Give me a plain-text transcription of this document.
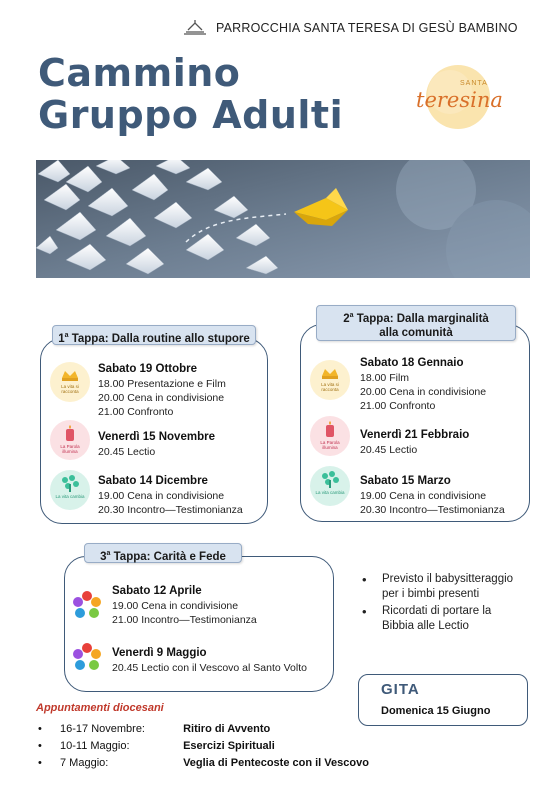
PARROCCHIA SANTA TERESA DI GESÙ BAMBINO
Cammino
Gruppo Adulti
SANTA
teresina
1$^a$ Tappa: Dalla routine allo stupore
La vita si racconta
Sabato 19 Ottobre
18.00 Presentazione e Film
20.00 Cena in condivisione
21.00 Confronto
La Parola illumina
Venerdì 15 Novembre
20.45 Lectio
La vita cambia
Sabato 14 Dicembre
19.00 Cena in condivisione
20.30 Incontro—Testimonianza
2$^a$ Tappa: Dalla marginalità
alla comunità
La vita si racconta
Sabato 18 Gennaio
18.00 Film
20.00 Cena in condivisione
21.00 Confronto
La Parola illumina
Venerdì 21 Febbraio
20.45 Lectio
La vita cambia
Sabato 15 Marzo
19.00 Cena in condivisione
20.30 Incontro—Testimonianza
3$^a$ Tappa: Carità e Fede
Sabato 12 Aprile
19.00 Cena in condivisione
21.00 Incontro—Testimonianza
Venerdì 9 Maggio
20.45 Lectio con il Vescovo al Santo Volto
• Previsto il babysitteraggio
per i bimbi presenti
• Ricordati di portare la
Bibbia alle Lectio
GITA
Domenica 15 Giugno
Appuntamenti diocesani
• 16-17 Novembre:	Ritiro di Avvento
• 10-11 Maggio:	Esercizi Spirituali
• 7 Maggio:	Veglia di Pentecoste con il Vescovo
